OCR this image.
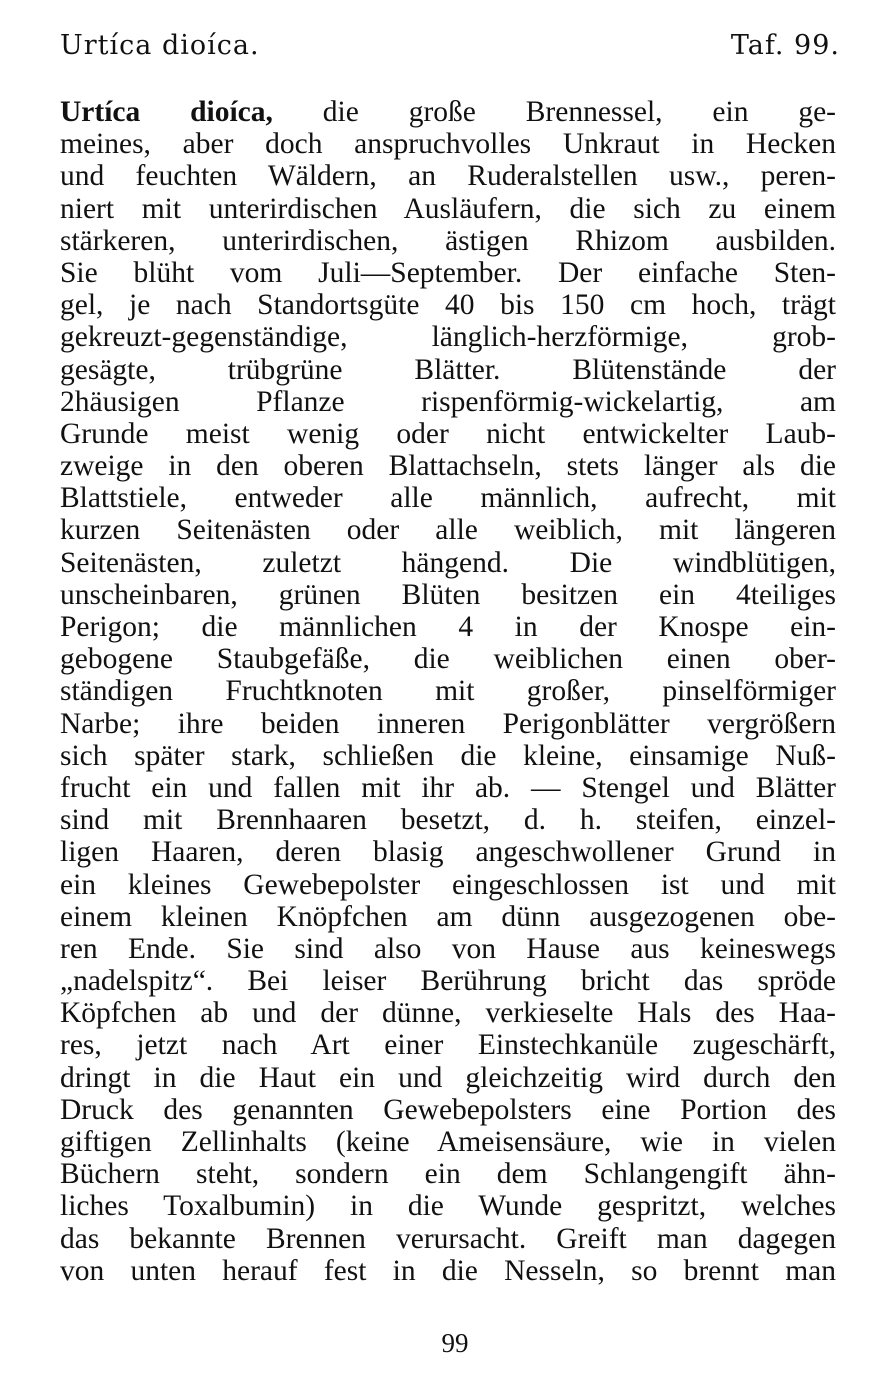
Urtíca dioíca.	Taf. 99.
Urtíca dioíca, die große Brennessel, ein ge-
meines, aber doch anspruchvolles Unkraut in Hecken
und feuchten Wäldern, an Ruderalstellen usw., peren-
niert mit unterirdischen Ausläufern, die sich zu einem
stärkeren, unterirdischen, ästigen Rhizom ausbilden.
Sie blüht vom Juli—September. Der einfache Sten-
gel, je nach Standortsgüte 40 bis 150 cm hoch, trägt
gekreuzt-gegenständige, länglich-herzförmige, grob-
gesägte, trübgrüne Blätter. Blütenstände der
2häusigen Pflanze rispenförmig-wickelartig, am
Grunde meist wenig oder nicht entwickelter Laub-
zweige in den oberen Blattachseln, stets länger als die
Blattstiele, entweder alle männlich, aufrecht, mit
kurzen Seitenästen oder alle weiblich, mit längeren
Seitenästen, zuletzt hängend. Die windblütigen,
unscheinbaren, grünen Blüten besitzen ein 4teiliges
Perigon; die männlichen 4 in der Knospe ein-
gebogene Staubgefäße, die weiblichen einen ober-
ständigen Fruchtknoten mit großer, pinselförmiger
Narbe; ihre beiden inneren Perigonblätter vergrößern
sich später stark, schließen die kleine, einsamige Nuß-
frucht ein und fallen mit ihr ab. — Stengel und Blätter
sind mit Brennhaaren besetzt, d. h. steifen, einzel-
ligen Haaren, deren blasig angeschwollener Grund in
ein kleines Gewebepolster eingeschlossen ist und mit
einem kleinen Knöpfchen am dünn ausgezogenen obe-
ren Ende. Sie sind also von Hause aus keineswegs
„nadelspitz“. Bei leiser Berührung bricht das spröde
Köpfchen ab und der dünne, verkieselte Hals des Haa-
res, jetzt nach Art einer Einstechkanüle zugeschärft,
dringt in die Haut ein und gleichzeitig wird durch den
Druck des genannten Gewebepolsters eine Portion des
giftigen Zellinhalts (keine Ameisensäure, wie in vielen
Büchern steht, sondern ein dem Schlangengift ähn-
liches Toxalbumin) in die Wunde gespritzt, welches
das bekannte Brennen verursacht. Greift man dagegen
von unten herauf fest in die Nesseln, so brennt man
99
